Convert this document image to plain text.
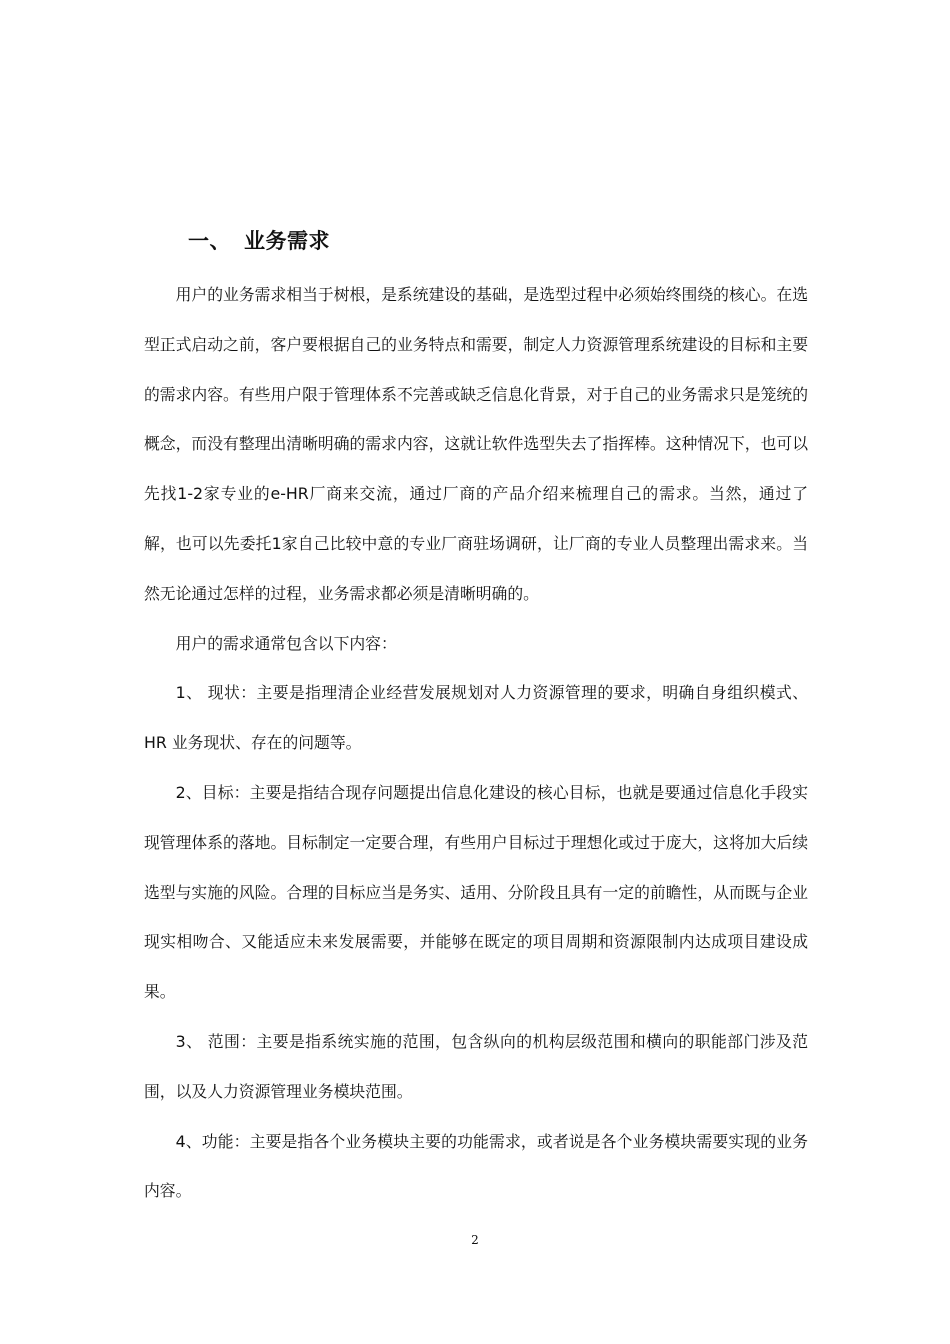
一、 业务需求

用户的业务需求相当于树根，是系统建设的基础，是选型过程中必须始终围绕的核心。在选型正式启动之前，客户要根据自己的业务特点和需要，制定人力资源管理系统建设的目标和主要的需求内容。有些用户限于管理体系不完善或缺乏信息化背景，对于自己的业务需求只是笼统的概念，而没有整理出清晰明确的需求内容，这就让软件选型失去了指挥棒。这种情况下，也可以先找1-2家专业的e-HR厂商来交流，通过厂商的产品介绍来梳理自己的需求。当然，通过了解，也可以先委托1家自己比较中意的专业厂商驻场调研，让厂商的专业人员整理出需求来。当然无论通过怎样的过程，业务需求都必须是清晰明确的。

用户的需求通常包含以下内容：

1、 现状：主要是指理清企业经营发展规划对人力资源管理的要求，明确自身组织模式、HR 业务现状、存在的问题等。

2、目标：主要是指结合现存问题提出信息化建设的核心目标，也就是要通过信息化手段实现管理体系的落地。目标制定一定要合理，有些用户目标过于理想化或过于庞大，这将加大后续选型与实施的风险。合理的目标应当是务实、适用、分阶段且具有一定的前瞻性，从而既与企业现实相吻合、又能适应未来发展需要，并能够在既定的项目周期和资源限制内达成项目建设成果。

3、 范围：主要是指系统实施的范围，包含纵向的机构层级范围和横向的职能部门涉及范围，以及人力资源管理业务模块范围。

4、功能：主要是指各个业务模块主要的功能需求，或者说是各个业务模块需要实现的业务内容。

2
